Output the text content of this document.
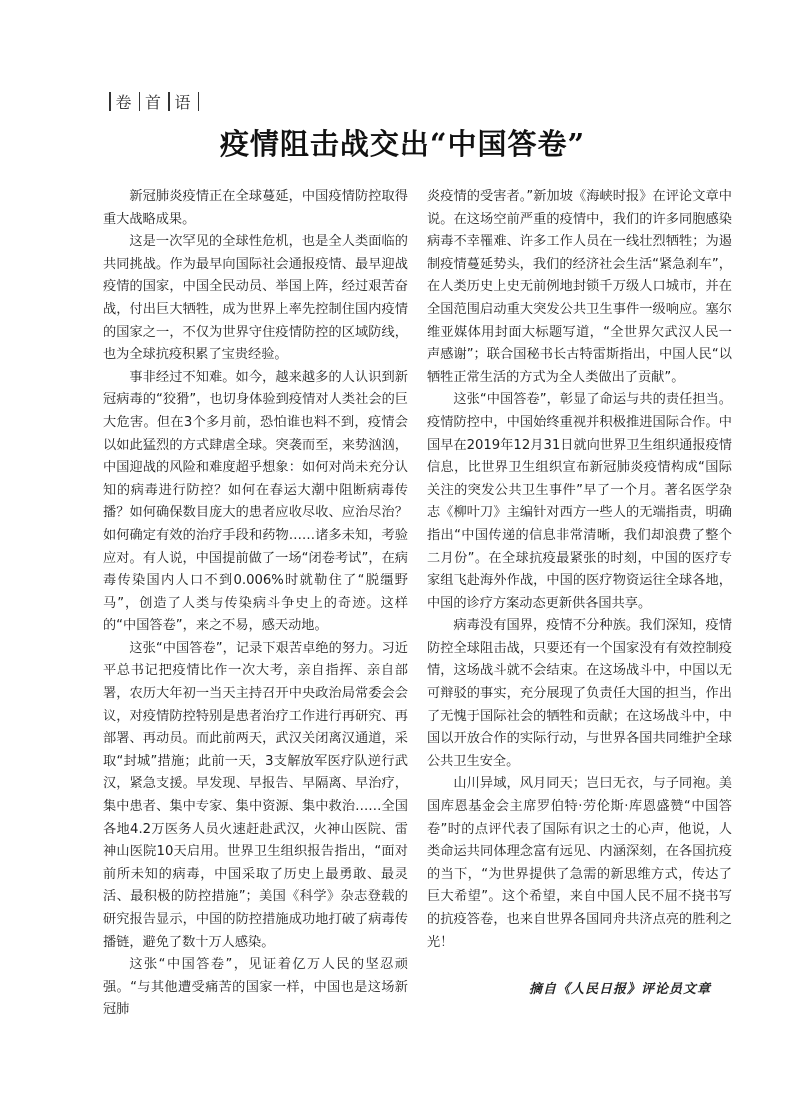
卷 首 语
疫情阻击战交出“中国答卷”

新冠肺炎疫情正在全球蔓延，中国疫情防控取得重大战略成果。

这是一次罕见的全球性危机，也是全人类面临的共同挑战。作为最早向国际社会通报疫情、最早迎战疫情的国家，中国全民动员、举国上阵，经过艰苦奋战，付出巨大牺牲，成为世界上率先控制住国内疫情的国家之一，不仅为世界守住疫情防控的区域防线，也为全球抗疫积累了宝贵经验。

事非经过不知难。如今，越来越多的人认识到新冠病毒的“狡猾”，也切身体验到疫情对人类社会的巨大危害。但在3个多月前，恐怕谁也料不到，疫情会以如此猛烈的方式肆虐全球。突袭而至，来势汹汹，中国迎战的风险和难度超乎想象：如何对尚未充分认知的病毒进行防控？如何在春运大潮中阻断病毒传播？如何确保数目庞大的患者应收尽收、应治尽治？如何确定有效的治疗手段和药物……诸多未知，考验应对。有人说，中国提前做了一场“闭卷考试”，在病毒传染国内人口不到0.006%时就勒住了“脱缰野马”，创造了人类与传染病斗争史上的奇迹。这样的“中国答卷”，来之不易，感天动地。

这张“中国答卷”，记录下艰苦卓绝的努力。习近平总书记把疫情比作一次大考，亲自指挥、亲自部署，农历大年初一当天主持召开中央政治局常委会会议，对疫情防控特别是患者治疗工作进行再研究、再部署、再动员。而此前两天，武汉关闭离汉通道，采取“封城”措施；此前一天，3支解放军医疗队逆行武汉，紧急支援。早发现、早报告、早隔离、早治疗，集中患者、集中专家、集中资源、集中救治……全国各地4.2万医务人员火速赶赴武汉，火神山医院、雷神山医院10天启用。世界卫生组织报告指出，“面对前所未知的病毒，中国采取了历史上最勇敢、最灵活、最积极的防控措施”；美国《科学》杂志登载的研究报告显示，中国的防控措施成功地打破了病毒传播链，避免了数十万人感染。

这张“中国答卷”，见证着亿万人民的坚忍顽强。“与其他遭受痛苦的国家一样，中国也是这场新冠肺

炎疫情的受害者。”新加坡《海峡时报》在评论文章中说。在这场空前严重的疫情中，我们的许多同胞感染病毒不幸罹难、许多工作人员在一线壮烈牺牲；为遏制疫情蔓延势头，我们的经济社会生活“紧急刹车”，在人类历史上史无前例地封锁千万级人口城市，并在全国范围启动重大突发公共卫生事件一级响应。塞尔维亚媒体用封面大标题写道，“全世界欠武汉人民一声感谢”；联合国秘书长古特雷斯指出，中国人民“以牺牲正常生活的方式为全人类做出了贡献”。

这张“中国答卷”，彰显了命运与共的责任担当。疫情防控中，中国始终重视并积极推进国际合作。中国早在2019年12月31日就向世界卫生组织通报疫情信息，比世界卫生组织宣布新冠肺炎疫情构成“国际关注的突发公共卫生事件”早了一个月。著名医学杂志《柳叶刀》主编针对西方一些人的无端指责，明确指出“中国传递的信息非常清晰，我们却浪费了整个二月份”。在全球抗疫最紧张的时刻，中国的医疗专家组飞赴海外作战，中国的医疗物资运往全球各地，中国的诊疗方案动态更新供各国共享。

病毒没有国界，疫情不分种族。我们深知，疫情防控全球阻击战，只要还有一个国家没有有效控制疫情，这场战斗就不会结束。在这场战斗中，中国以无可辩驳的事实，充分展现了负责任大国的担当，作出了无愧于国际社会的牺牲和贡献；在这场战斗中，中国以开放合作的实际行动，与世界各国共同维护全球公共卫生安全。

山川异域，风月同天；岂曰无衣，与子同袍。美国库恩基金会主席罗伯特·劳伦斯·库恩盛赞“中国答卷”时的点评代表了国际有识之士的心声，他说，人类命运共同体理念富有远见、内涵深刻，在各国抗疫的当下，“为世界提供了急需的新思维方式，传达了巨大希望”。这个希望，来自中国人民不屈不挠书写的抗疫答卷，也来自世界各国同舟共济点亮的胜利之光！

摘自《人民日报》评论员文章
